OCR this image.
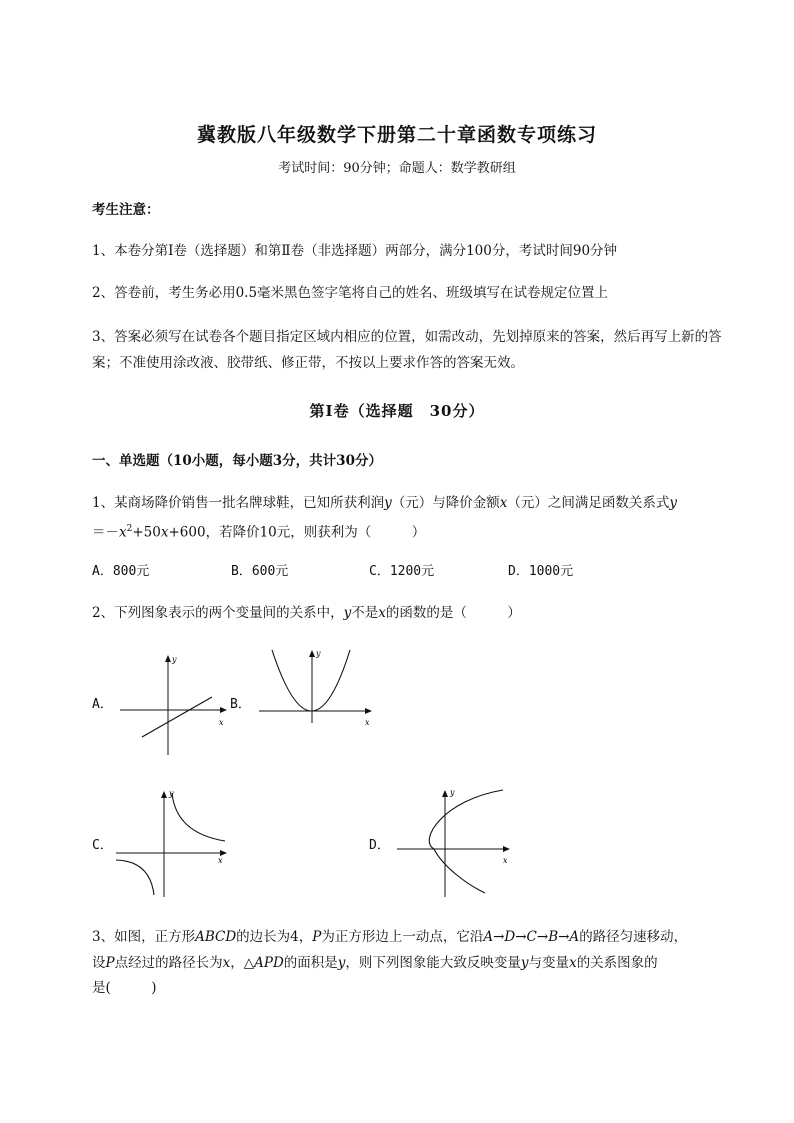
冀教版八年级数学下册第二十章函数专项练习
考试时间：90分钟；命题人：数学教研组
考生注意：
1、本卷分第Ⅰ卷（选择题）和第Ⅱ卷（非选择题）两部分，满分100分，考试时间90分钟
2、答卷前，考生务必用0.5毫米黑色签字笔将自己的姓名、班级填写在试卷规定位置上
3、答案必须写在试卷各个题目指定区域内相应的位置，如需改动，先划掉原来的答案，然后再写上新的答案；不准使用涂改液、胶带纸、修正带，不按以上要求作答的答案无效。
第Ⅰ卷（选择题　30分）
一、单选题（10小题，每小题3分，共计30分）
1、某商场降价销售一批名牌球鞋，已知所获利润y（元）与降价金额x（元）之间满足函数关系式y
$=-x^2+50x+600$，若降价10元，则获利为（　　　）
A．800元	B．600元	C．1200元	D．1000元
2、下列图象表示的两个变量间的关系中，y不是x的函数的是（　　　）
A．
x
y
B．
x
y
C．
x
y
D．
x
y
3、如图，正方形ABCD的边长为4，P为正方形边上一动点，它沿A→D→C→B→A的路径匀速移动，
设P点经过的路径长为x，△APD的面积是y，则下列图象能大致反映变量y与变量x的关系图象的
是(　　　)
